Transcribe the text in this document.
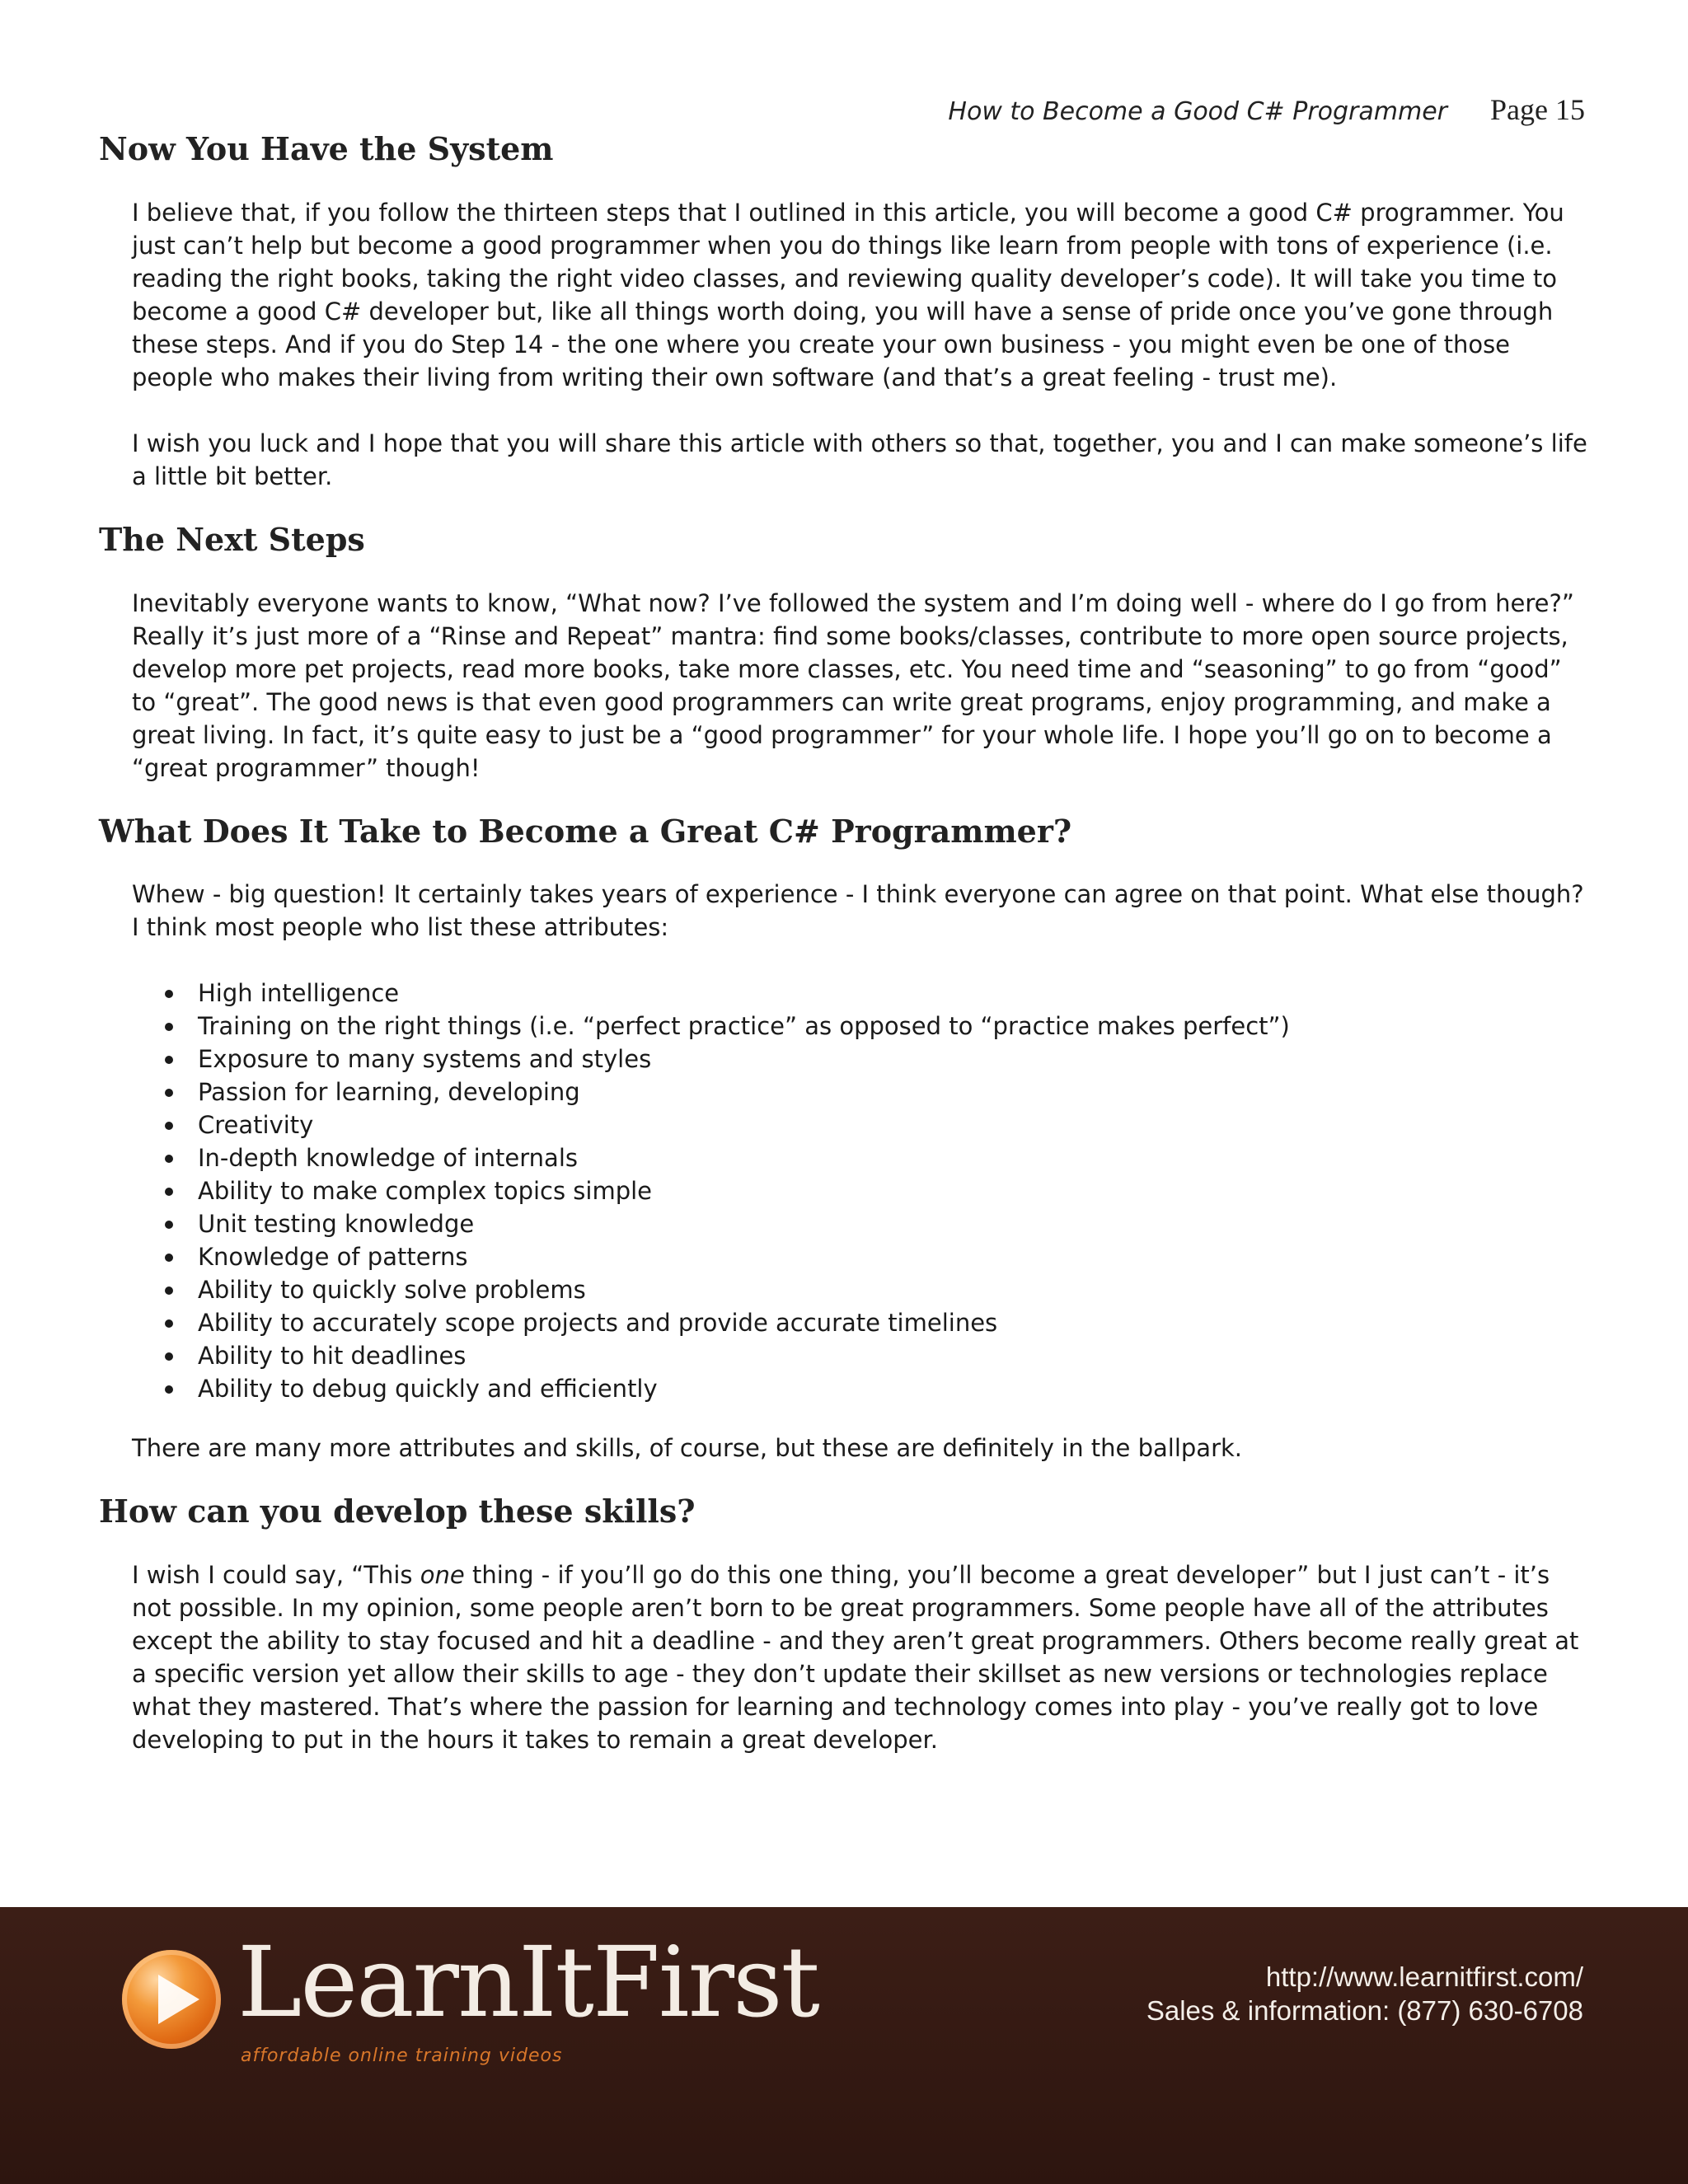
How to Become a Good C# Programmer Page 15
Now You Have the System

I believe that, if you follow the thirteen steps that I outlined in this article, you will become a good C# programmer. You just can’t help but become a good programmer when you do things like learn from people with tons of experience (i.e. reading the right books, taking the right video classes, and reviewing quality developer’s code). It will take you time to become a good C# developer but, like all things worth doing, you will have a sense of pride once you’ve gone through these steps. And if you do Step 14 - the one where you create your own business - you might even be one of those people who makes their living from writing their own software (and that’s a great feeling - trust me).

I wish you luck and I hope that you will share this article with others so that, together, you and I can make someone’s life a little bit better.

The Next Steps

Inevitably everyone wants to know, “What now? I’ve followed the system and I’m doing well - where do I go from here?” Really it’s just more of a “Rinse and Repeat” mantra: find some books/classes, contribute to more open source projects, develop more pet projects, read more books, take more classes, etc. You need time and “seasoning” to go from “good” to “great”. The good news is that even good programmers can write great programs, enjoy programming, and make a great living. In fact, it’s quite easy to just be a “good programmer” for your whole life. I hope you’ll go on to become a “great programmer” though!

What Does It Take to Become a Great C# Programmer?

Whew - big question! It certainly takes years of experience - I think everyone can agree on that point. What else though? I think most people who list these attributes:

High intelligence
Training on the right things (i.e. “perfect practice” as opposed to “practice makes perfect”)
Exposure to many systems and styles
Passion for learning, developing
Creativity
In-depth knowledge of internals
Ability to make complex topics simple
Unit testing knowledge
Knowledge of patterns
Ability to quickly solve problems
Ability to accurately scope projects and provide accurate timelines
Ability to hit deadlines
Ability to debug quickly and efficiently

There are many more attributes and skills, of course, but these are definitely in the ballpark.

How can you develop these skills?

I wish I could say, “This one thing - if you’ll go do this one thing, you’ll become a great developer” but I just can’t - it’s not possible. In my opinion, some people aren’t born to be great programmers. Some people have all of the attributes except the ability to stay focused and hit a deadline - and they aren’t great programmers. Others become really great at a specific version yet allow their skills to age - they don’t update their skillset as new versions or technologies replace what they mastered. That’s where the passion for learning and technology comes into play - you’ve really got to love developing to put in the hours it takes to remain a great developer.

LearnItFirst
affordable online training videos
http://www.learnitfirst.com/
Sales & information: (877) 630-6708
